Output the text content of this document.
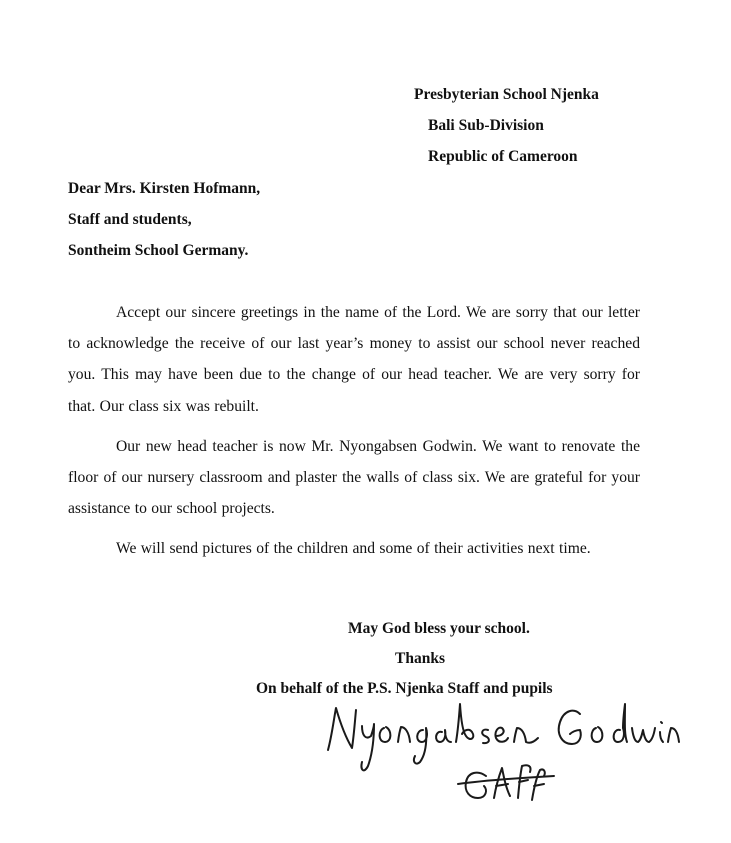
Presbyterian School Njenka
Bali Sub-Division
Republic of Cameroon
Dear Mrs. Kirsten Hofmann,
Staff and students,
Sontheim School Germany.

Accept our sincere greetings in the name of the Lord. We are sorry that our letter to acknowledge the receive of our last year’s money to assist our school never reached you. This may have been due to the change of our head teacher. We are very sorry for that. Our class six was rebuilt.

Our new head teacher is now Mr. Nyongabsen Godwin. We want to renovate the floor of our nursery classroom and plaster the walls of class six. We are grateful for your assistance to our school projects.

We will send pictures of the children and some of their activities next time.

May God bless your school.
Thanks
On behalf of the P.S. Njenka Staff and pupils
